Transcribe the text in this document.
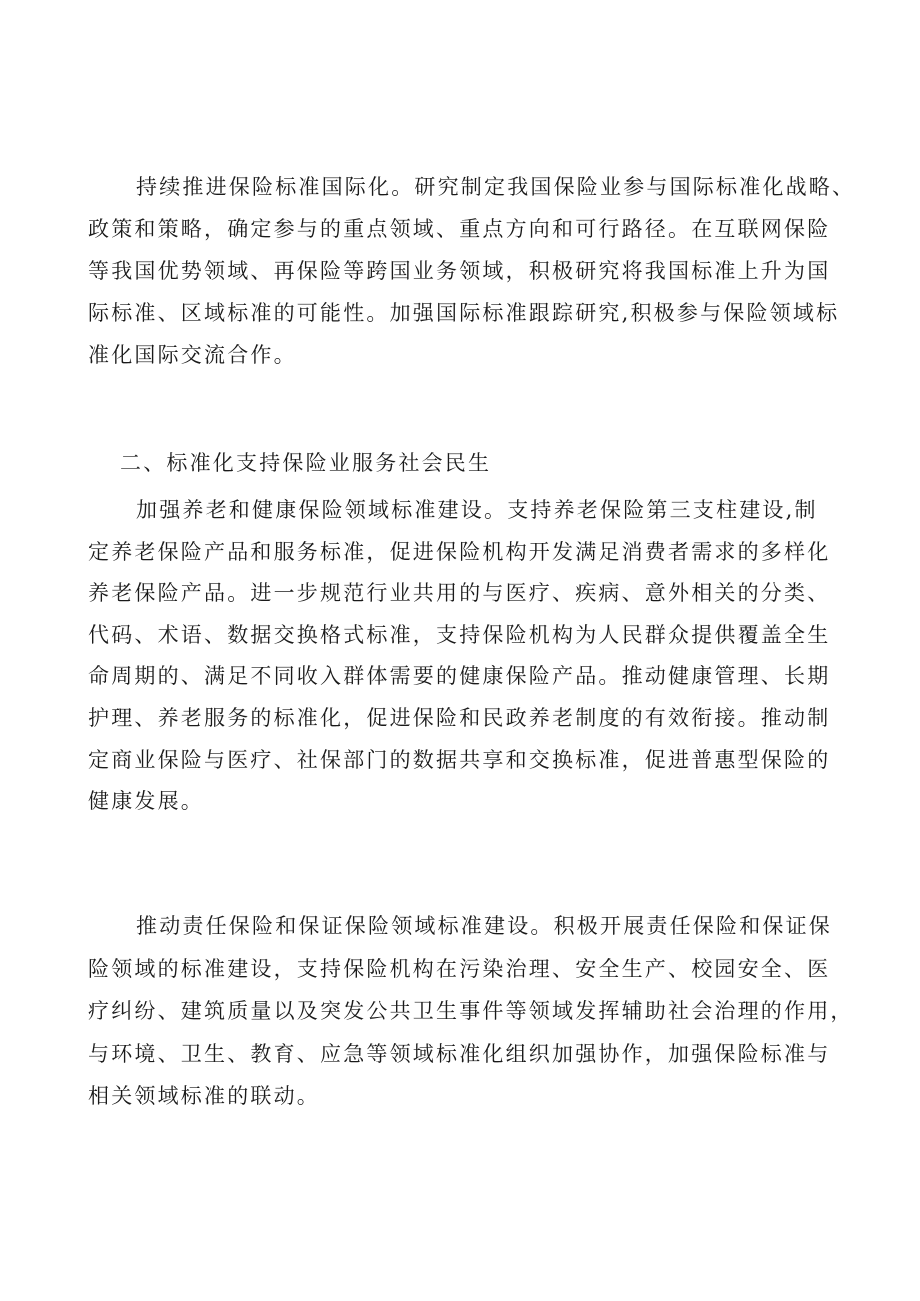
持续推进保险标准国际化。研究制定我国保险业参与国际标准化战略、
政策和策略，确定参与的重点领域、重点方向和可行路径。在互联网保险
等我国优势领域、再保险等跨国业务领域，积极研究将我国标准上升为国
际标准、区域标准的可能性。加强国际标准跟踪研究,积极参与保险领域标
准化国际交流合作。
二、标准化支持保险业服务社会民生
加强养老和健康保险领域标准建设。支持养老保险第三支柱建设,制
定养老保险产品和服务标准，促进保险机构开发满足消费者需求的多样化
养老保险产品。进一步规范行业共用的与医疗、疾病、意外相关的分类、
代码、术语、数据交换格式标准，支持保险机构为人民群众提供覆盖全生
命周期的、满足不同收入群体需要的健康保险产品。推动健康管理、长期
护理、养老服务的标准化，促进保险和民政养老制度的有效衔接。推动制
定商业保险与医疗、社保部门的数据共享和交换标准，促进普惠型保险的
健康发展。
推动责任保险和保证保险领域标准建设。积极开展责任保险和保证保
险领域的标准建设，支持保险机构在污染治理、安全生产、校园安全、医
疗纠纷、建筑质量以及突发公共卫生事件等领域发挥辅助社会治理的作用，
与环境、卫生、教育、应急等领域标准化组织加强协作，加强保险标准与
相关领域标准的联动。
